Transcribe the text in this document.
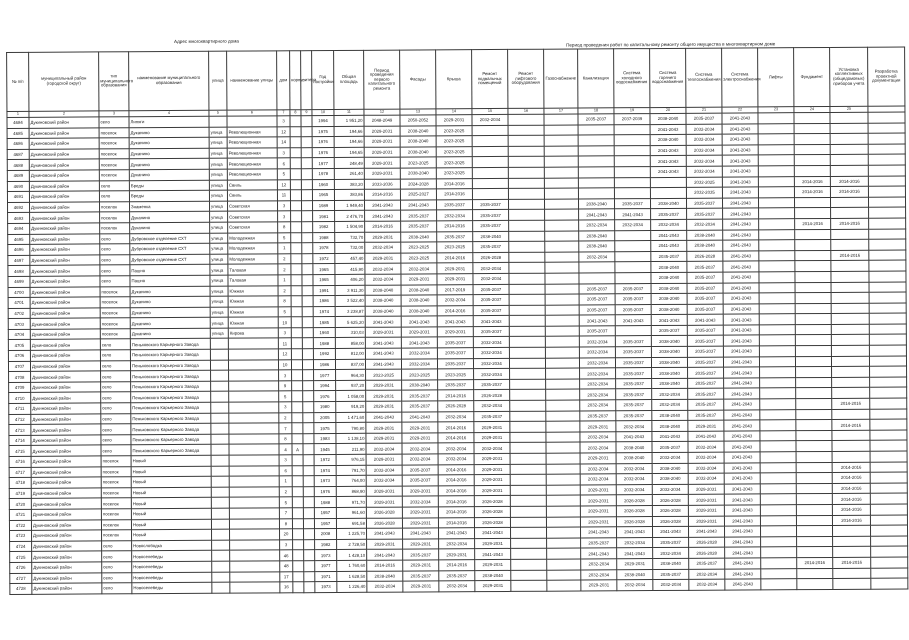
Адрес многоквартирного дома
Период проведения работ по капитальному ремонту общего имущества в многоквартирном доме
№ п/п	муниципальный район (городской округ)	тип муниципального образования	наименование муниципального образования	улица	наименование улицы	дом	корпус	литера	Год постройки	Общая площадь	Период проведения первого капитального ремонта	Фасады	Крыша	Ремонт подвальных помещений	Ремонт лифтового оборудования	Газоснабжение	Канализация	Система холодного водоснабжения	Система горячего водоснабжения	Система теплоснабжения	Система электроснабжения	Лифты	Фундамент	Установка коллективных (общедомовых) приборов учета	Разработка проектной документации
1	2	3	4	5	6	7	8	9	10	11	12	13	14	15	16	17	18	19	20	21	22	23	24	25	
4684	Дукиновский район	село	Липяги			3			1994	1 951,20	2048-2049	2050-2052	2029-2031	2032-2034			2035-2037	2037-2039	2038-2040	2035-2037	2041-2043				
4685	Дукиновский район	поселок	Дуканино	улица	Революционная	12			1975	194,66	2029-2031	2038-2040	2023-2025						2041-2043	2032-2034	2041-2043				
4686	Дукиновский район	поселок	Дуканино	улица	Революционная	14			1976	194,66	2029-2031	2038-2040	2023-2025						2038-2040	2032-2034	2041-2043				
4687	Дукиновский район	поселок	Дуканино	улица	Революционная	3			1976	194,65	2029-2031	2038-2040	2023-2025						2041-2043	2032-2034	2041-2043				
4688	Дукиновский район	поселок	Дуканино	улица	Революционная	6			1977	248,49	2029-2031	2023-2025	2023-2025						2041-2043	2032-2034	2041-2043				
4689	Дукиновский район	поселок	Дуканино	улица	Революционная	5			1978	261,40	2029-2031	2038-2040	2023-2025						2041-2043	2032-2034	2041-2043				
4690	Дукиновский район	село	Бреды	улица	Свиль	12			1960	383,20	2033-2036	2024-2028	2014-2016							2032-2025	2041-2043		2014-2016	2014-2016	
4691	Дукиновский район	село	Бреды	улица	Свиль	11			1965	383,86	2014-2016	2025-2027	2014-2016							2032-2035	2041-2043		2014-2016	2014-2016	
4692	Дукиновский район	поселок	Знаменка	улица	Советская	3			1989	1 949,40	2041-2043	2041-2043	2035-2037	2035-2037			2038-2040	2035-2037	2038-2040	2035-2037	2041-2043				
4693	Дукиновский район	поселок	Дуканино	улица	Советская	3			1981	2 476,70	2041-2043	2035-2037	2032-2034	2035-2037			2041-2043	2041-2043	2035-2037	2035-2037	2041-2043				
4694	Дукиновский район	поселок	Дуканино	улица	Советская	8			1982	1 504,90	2014-2016	2035-2037	2014-2016	2035-2037			2032-2034	2032-2034	2032-2034	2032-2034	2041-2043		2014-2016	2014-2016	
4695	Дукиновский район	село	Дубровское отделение СХТ	улица	Молодежная	5			1988	732,70	2029-2031	2038-2040	2035-2037	2038-2040			2038-2040		2041-2043	2038-2040	2041-2043				
4696	Дукиновский район	село	Дубровское отделение СХТ	улица	Молодежная	1			1978	732,00	2032-2034	2023-2025	2023-2025	2035-2037			2038-2040		2041-2043	2038-2040	2041-2043				
4697	Дукиновский район	село	Дубровское отделение СХТ	улица	Молодежная	2			1972	457,40	2029-2031	2023-2025	2014-2016	2026-2028			2032-2034		2035-2037	2026-2028	2041-2043			2014-2016	
4698	Дукиновский район	село	Пашно	улица	Таловая	2			1965	415,90	2032-2034	2032-2034	2029-2031	2032-2034					2038-2040	2035-2037	2041-2043				
4699	Дукиновский район	село	Пашно	улица	Таловая	1			1965	406,20	2032-2034	2029-2031	2029-2031	2032-2034					2038-2040	2035-2037	2041-2043				
4700	Дукиновский район	поселок	Дуканино	улица	Южная	2			1991	3 911,30	2038-2040	2038-2040	2017-2019	2035-2037			2035-2037	2035-2037	2038-2040	2035-2037	2041-2043				
4701	Дукиновский район	поселок	Дуканино	улица	Южная	8			1986	3 522,40	2038-2040	2038-2040	2032-2034	2035-2037			2035-2037	2035-2037	2038-2040	2035-2037	2041-2043				
4702	Дукиновский район	поселок	Дуканино	улица	Южная	5			1974	3 238,87	2038-2040	2038-2040	2014-2016	2035-2037			2035-2037	2035-2037	2038-2040	2035-2037	2041-2043				
4703	Дукиновский район	поселок	Дуканино	улица	Южная	10			1985	5 625,20	2041-2043	2041-2043	2041-2043	2041-2043			2041-2043	2041-2043	2041-2043	2041-2043	2041-2043				
4704	Дукиновский район	поселок	Дуканино	улица	Кирова	3			1960	310,03	2029-2031	2029-2031	2029-2031	2035-2037			2035-2037		2035-2037	2035-2037	2041-2043				
4705	Дукиновский район	село	Пеньковского Карьерного Завода			11			1988	858,00	2041-2043	2041-2043	2035-2037	2032-2034			2032-2034	2035-2037	2038-2040	2035-2037	2041-2043				
4706	Дукиновский район	село	Пеньковского Карьерного Завода			12			1992	812,00	2041-2043	2032-2034	2035-2037	2032-2034			2032-2034	2035-2037	2038-2040	2035-2037	2041-2043				
4707	Дукиновский район	село	Пеньковского Карьерного Завода			10			1986	837,00	2041-2043	2032-2034	2035-2037	2032-2034			2032-2034	2035-2037	2038-2040	2035-2037	2041-2043				
4708	Дукиновский район	село	Пеньковского Карьерного Завода			3			1977	964,30	2023-2025	2023-2025	2023-2025	2032-2034			2032-2034	2035-2037	2038-2040	2035-2037	2041-2043				
4709	Дукиновский район	село	Пеньковского Карьерного Завода			9			1994	937,20	2029-2031	2038-2040	2035-2037	2035-2037			2032-2034	2035-2037	2038-2040	2035-2037	2041-2043				
4710	Дукиновский район	село	Пеньковского Карьерного Завода			5			1976	1 058,00	2029-2031	2035-2037	2014-2016	2026-2028			2032-2034	2035-2037	2032-2034	2035-2037	2041-2043				
4711	Дукиновский район	село	Пеньковского Карьерного Завода			3			1980	919,20	2029-2031	2035-2037	2026-2028	2032-2034			2032-2034	2035-2037	2032-2034	2035-2037	2041-2043			2014-2016	
4712	Дукиновский район	село	Пеньковского Карьерного Завода			2			2005	1 471,60	2041-2043	2041-2043	2032-2034	2035-2037			2035-2037	2035-2037	2038-2040	2035-2037	2041-2043				
4713	Дукиновский район	село	Пеньковского Карьерного Завода			7			1975	790,80	2029-2031	2029-2031	2014-2016	2029-2031			2029-2031	2032-2034	2038-2040	2029-2031	2041-2043			2014-2016	
4714	Дукиновский район	село	Пеньковского Карьерного Завода			8			1983	1 138,10	2029-2031	2029-2031	2014-2016	2029-2031			2032-2034	2041-2043	2041-2043	2041-2043	2041-2043				
4715	Дукиновский район	село	Пеньковского Карьерного Завода			4	А		1945	211,90	2032-2034	2032-2034	2032-2034	2032-2034			2032-2034	2038-2040	2035-2037	2032-2034	2041-2043				
4716	Дукиновский район	поселок	Новый			3			1972	976,15	2029-2031	2032-2034	2032-2034	2029-2031			2029-2031	2038-2040	2032-2034	2032-2034	2041-2043				
4717	Дукиновский район	поселок	Новый			6			1974	791,70	2032-2034	2035-2037	2014-2016	2029-2031			2032-2034	2032-2034	2038-2040	2032-2034	2041-2043			2014-2016	
4718	Дукиновский район	поселок	Новый			1			1973	764,00	2032-2034	2035-2037	2014-2016	2029-2031			2032-2034	2032-2034	2038-2040	2032-2034	2041-2043			2014-2016	
4719	Дукиновский район	поселок	Новый			2			1976	868,90	2029-2031	2029-2031	2014-2016	2029-2031			2029-2031	2032-2034	2032-2034	2029-2031	2041-2043			2014-2016	
4720	Дукиновский район	поселок	Новый			5			1988	971,70	2029-2031	2032-2034	2014-2016	2026-2028			2029-2031	2026-2028	2026-2028	2029-2031	2041-2043			2014-2016	
4721	Дукиновский район	поселок	Новый			7			1957	961,60	2026-2028	2029-2031	2014-2016	2026-2028			2029-2031	2026-2028	2026-2028	2029-2031	2041-2043			2014-2016	
4722	Дукиновский район	поселок	Новый			8			1957	691,58	2026-2028	2029-2031	2014-2016	2026-2028			2029-2031	2026-2028	2026-2028	2029-2031	2041-2043			2014-2016	
4723	Дукиновский район	поселок	Новый			20			2008	1 225,70	2041-2043	2041-2043	2041-2043	2041-2043			2041-2043	2041-2043	2041-2043	2041-2043	2041-2043				
4724	Дукиновский район	село	Новослободка			3			1982	2 728,50	2029-2031	2029-2031	2032-2034	2029-2031			2035-2037	2032-2034	2035-2037	2026-2028	2041-2043				
4725	Дукиновский район	село	Новоселебеды			46			1973	1 428,10	2041-2043	2035-2037	2029-2031	2041-2043			2041-2043	2041-2043	2032-2034	2026-2028	2041-2043				
4726	Дукиновский район	село	Новоселебеды			48			1977	1 760,60	2014-2016	2029-2031	2014-2016	2029-2031			2032-2034	2029-2031	2038-2040	2035-2037	2041-2043		2014-2016	2014-2016	
4727	Дукиновский район	село	Новоселебеды			17			1971	1 628,50	2038-2040	2035-2037	2035-2037	2038-2040			2032-2034	2038-2040	2035-2037	2032-2034	2041-2043				
4728	Дукиновский район	село	Новоселебеды			16			1973	1 226,40	2032-2034	2029-2031	2032-2034	2029-2031			2029-2031	2032-2034	2032-2034	2032-2034	2041-2043				
